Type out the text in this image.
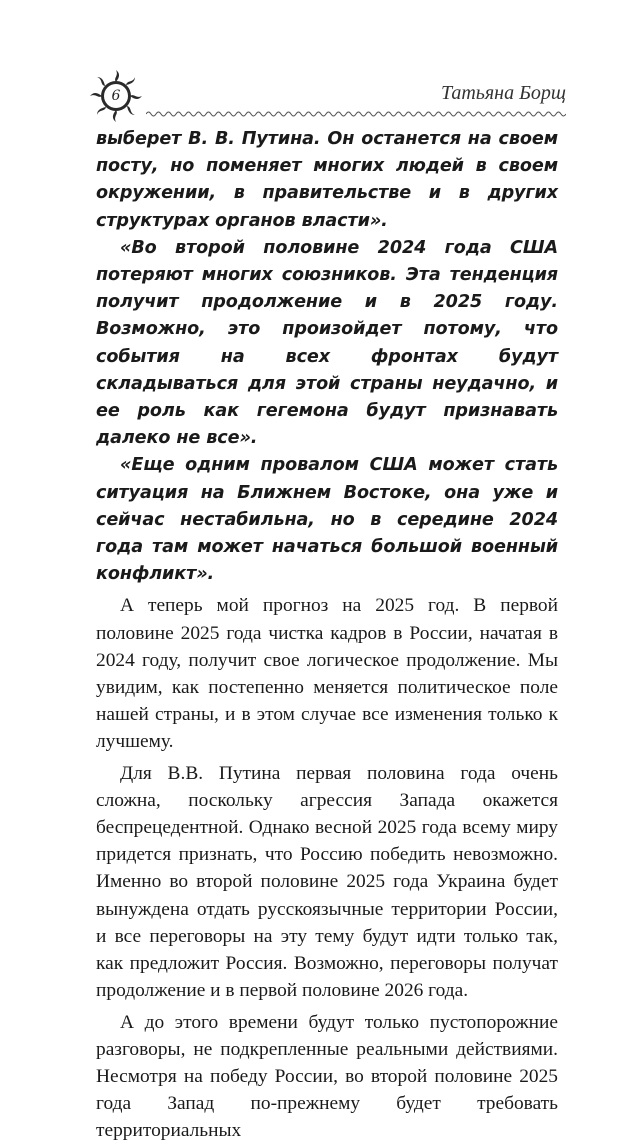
6	Татьяна Борщ

выберет В. В. Путина. Он останется на своем посту, но поменяет многих людей в своем окружении, в правительстве и в других структурах органов власти».

«Во второй половине 2024 года США потеряют многих союзников. Эта тенденция получит продолжение и в 2025 году. Возможно, это произойдет потому, что события на всех фронтах будут складываться для этой страны неудачно, и ее роль как гегемона будут признавать далеко не все».

«Еще одним провалом США может стать ситуация на Ближнем Востоке, она уже и сейчас нестабильна, но в середине 2024 года там может начаться большой военный конфликт».

А теперь мой прогноз на 2025 год. В первой половине 2025 года чистка кадров в России, начатая в 2024 году, получит свое логическое продолжение. Мы увидим, как постепенно меняется политическое поле нашей страны, и в этом случае все изменения только к лучшему.

Для В.В. Путина первая половина года очень сложна, поскольку агрессия Запада окажется беспрецедентной. Однако весной 2025 года всему миру придется признать, что Россию победить невозможно. Именно во второй половине 2025 года Украина будет вынуждена отдать русскоязычные территории России, и все переговоры на эту тему будут идти только так, как предложит Россия. Возможно, переговоры получат продолжение и в первой половине 2026 года.

А до этого времени будут только пустопорожние разговоры, не подкрепленные реальными действиями. Несмотря на победу России, во второй половине 2025 года Запад по-прежнему будет требовать территориальных
